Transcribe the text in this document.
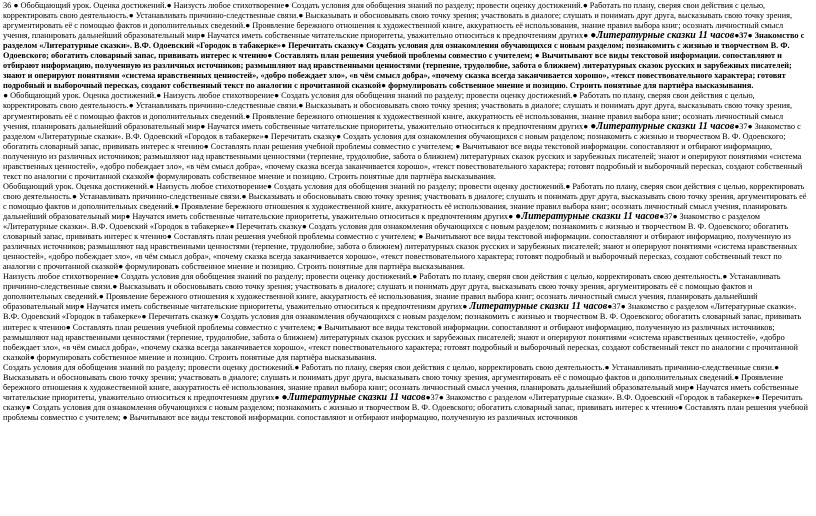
36 ● Обобщающий урок. Оценка достижений.● Наизусть любое стихотворение● Создать условия для обобщения знаний по разделу; провести оценку достижений.● Работать по плану, сверяя свои действия с целью, корректировать свою деятельность.● Устанавливать причинно-следственные связи.● Высказывать и обосновывать свою точку зрения; участвовать в диалоге; слушать и понимать друг друга, высказывать свою точку зрения, аргументировать её с помощью фактов и дополнительных сведений.● Проявление бережного отношения к художественной книге, аккуратность её использования, знание правил выбора книг; осознать личностный смысл учения, планировать дальнейший образовательный мир● Научатся иметь собственные читательские приоритеты, уважительно относиться к предпочтениям других● ●Литературные сказки 11 часов●37● Знакомство с разделом «Литературные сказки». В.Ф. Одоевский «Городок в табакерке»● Перечитать сказку● Создать условия для ознакомления обучающихся с новым разделом; познакомить с жизнью и творчеством В. Ф. Одоевского; обогатить словарный запас, прививать интерес к чтению● Составлять план решения учебной проблемы совместно с учителем; ● Вычитывают все виды текстовой информации. сопоставляют и отбирают информацию, полученную из различных источников; размышляют над нравственными ценностями (терпение, трудолюбие, забота о ближнем) литературных сказок русских и зарубежных писателей; знают и оперируют понятиями «система нравственных ценностей», «добро побеждает зло», «в чём смысл добра», «почему сказка всегда заканчивается хорошо», «текст повествовательного характера; готовят подробный и выборочный пересказ, создают собственный текст по аналогии с прочитанной сказкой● формулировать собственное мнение и позицию. Строить понятные для партнёра высказывания.

● Обобщающий урок. Оценка достижений.● Наизусть любое стихотворение● Создать условия для обобщения знаний по разделу; провести оценку достижений.● Работать по плану, сверяя свои действия с целью, корректировать свою деятельность.● Устанавливать причинно-следственные связи.● Высказывать и обосновывать свою точку зрения; участвовать в диалоге; слушать и понимать друг друга, высказывать свою точку зрения, аргументировать её с помощью фактов и дополнительных сведений.● Проявление бережного отношения к художественной книге, аккуратность её использования, знание правил выбора книг; осознать личностный смысл учения, планировать дальнейший образовательный мир● Научатся иметь собственные читательские приоритеты, уважительно относиться к предпочтениям других● ●Литературные сказки 11 часов●37● Знакомство с разделом «Литературные сказки». В.Ф. Одоевский «Городок в табакерке»● Перечитать сказку● Создать условия для ознакомления обучающихся с новым разделом; познакомить с жизнью и творчеством В. Ф. Одоевского; обогатить словарный запас, прививать интерес к чтению● Составлять план решения учебной проблемы совместно с учителем; ● Вычитывают все виды текстовой информации. сопоставляют и отбирают информацию, полученную из различных источников; размышляют над нравственными ценностями (терпение, трудолюбие, забота о ближнем) литературных сказок русских и зарубежных писателей; знают и оперируют понятиями «система нравственных ценностей», «добро побеждает зло», «в чём смысл добра», «почему сказка всегда заканчивается хорошо», «текст повествовательного характера; готовят подробный и выборочный пересказ, создают собственный текст по аналогии с прочитанной сказкой● формулировать собственное мнение и позицию. Строить понятные для партнёра высказывания.

Обобщающий урок. Оценка достижений.● Наизусть любое стихотворение● Создать условия для обобщения знаний по разделу; провести оценку достижений.● Работать по плану, сверяя свои действия с целью, корректировать свою деятельность.● Устанавливать причинно-следственные связи.● Высказывать и обосновывать свою точку зрения; участвовать в диалоге; слушать и понимать друг друга, высказывать свою точку зрения, аргументировать её с помощью фактов и дополнительных сведений.● Проявление бережного отношения к художественной книге, аккуратность её использования, знание правил выбора книг; осознать личностный смысл учения, планировать дальнейший образовательный мир● Научатся иметь собственные читательские приоритеты, уважительно относиться к предпочтениям других● ●Литературные сказки 11 часов●37● Знакомство с разделом «Литературные сказки». В.Ф. Одоевский «Городок в табакерке»● Перечитать сказку● Создать условия для ознакомления обучающихся с новым разделом; познакомить с жизнью и творчеством В. Ф. Одоевского; обогатить словарный запас, прививать интерес к чтению● Составлять план решения учебной проблемы совместно с учителем; ● Вычитывают все виды текстовой информации. сопоставляют и отбирают информацию, полученную из различных источников; размышляют над нравственными ценностями (терпение, трудолюбие, забота о ближнем) литературных сказок русских и зарубежных писателей; знают и оперируют понятиями «система нравственных ценностей», «добро побеждает зло», «в чём смысл добра», «почему сказка всегда заканчивается хорошо», «текст повествовательного характера; готовят подробный и выборочный пересказ, создают собственный текст по аналогии с прочитанной сказкой● формулировать собственное мнение и позицию. Строить понятные для партнёра высказывания.

Наизусть любое стихотворение● Создать условия для обобщения знаний по разделу; провести оценку достижений.● Работать по плану, сверяя свои действия с целью, корректировать свою деятельность.● Устанавливать причинно-следственные связи.● Высказывать и обосновывать свою точку зрения; участвовать в диалоге; слушать и понимать друг друга, высказывать свою точку зрения, аргументировать её с помощью фактов и дополнительных сведений.● Проявление бережного отношения к художественной книге, аккуратность её использования, знание правил выбора книг; осознать личностный смысл учения, планировать дальнейший образовательный мир● Научатся иметь собственные читательские приоритеты, уважительно относиться к предпочтениям других● Литературные сказки 11 часов●37● Знакомство с разделом «Литературные сказки». В.Ф. Одоевский «Городок в табакерке»● Перечитать сказку● Создать условия для ознакомления обучающихся с новым разделом; познакомить с жизнью и творчеством В. Ф. Одоевского; обогатить словарный запас, прививать интерес к чтению● Составлять план решения учебной проблемы совместно с учителем; ● Вычитывают все виды текстовой информации. сопоставляют и отбирают информацию, полученную из различных источников; размышляют над нравственными ценностями (терпение, трудолюбие, забота о ближнем) литературных сказок русских и зарубежных писателей; знают и оперируют понятиями «система нравственных ценностей», «добро побеждает зло», «в чём смысл добра», «почему сказка всегда заканчивается хорошо», «текст повествовательного характера; готовят подробный и выборочный пересказ, создают собственный текст по аналогии с прочитанной сказкой● формулировать собственное мнение и позицию. Строить понятные для партнёра высказывания.

Создать условия для обобщения знаний по разделу; провести оценку достижений.● Работать по плану, сверяя свои действия с целью, корректировать свою деятельность.● Устанавливать причинно-следственные связи.● Высказывать и обосновывать свою точку зрения; участвовать в диалоге; слушать и понимать друг друга, высказывать свою точку зрения, аргументировать её с помощью фактов и дополнительных сведений.● Проявление бережного отношения к художественной книге, аккуратность её использования, знание правил выбора книг; осознать личностный смысл учения, планировать дальнейший образовательный мир● Научатся иметь собственные читательские приоритеты, уважительно относиться к предпочтениям других● ●Литературные сказки 11 часов●37● Знакомство с разделом «Литературные сказки». В.Ф. Одоевский «Городок в табакерке»● Перечитать сказку● Создать условия для ознакомления обучающихся с новым разделом; познакомить с жизнью и творчеством В. Ф. Одоевского; обогатить словарный запас, прививать интерес к чтению● Составлять план решения учебной проблемы совместно с учителем; ● Вычитывают все виды текстовой информации. сопоставляют и отбирают информацию, полученную из различных источников
